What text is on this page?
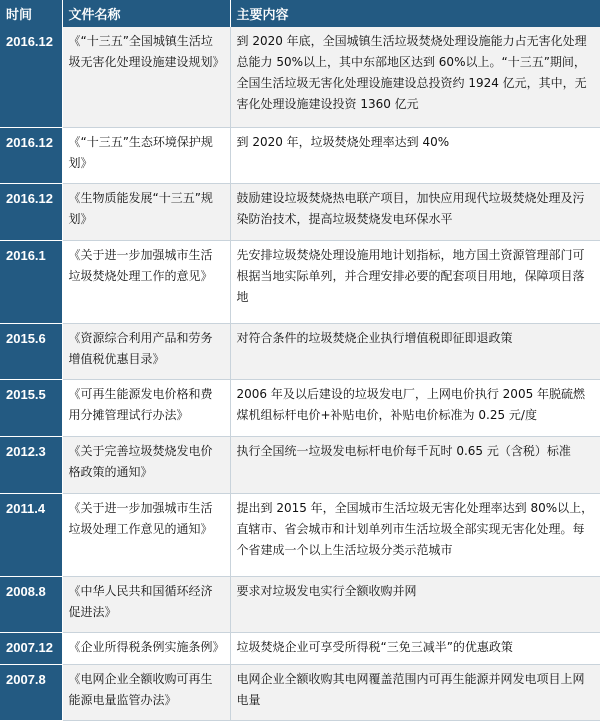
时间	文件名称	主要内容
2016.12	《“十三五”全国城镇生活垃圾无害化处理设施建设规划》	到 2020 年底，全国城镇生活垃圾焚烧处理设施能力占无害化处理总能力 50%以上，其中东部地区达到 60%以上。“十三五”期间，全国生活垃圾无害化处理设施建设总投资约 1924 亿元，其中，无害化处理设施建设投资 1360 亿元
2016.12	《“十三五”生态环境保护规划》	到 2020 年，垃圾焚烧处理率达到 40%
2016.12	《生物质能发展“十三五”规划》	鼓励建设垃圾焚烧热电联产项目，加快应用现代垃圾焚烧处理及污染防治技术，提高垃圾焚烧发电环保水平
2016.1	《关于进一步加强城市生活垃圾焚烧处理工作的意见》	先安排垃圾焚烧处理设施用地计划指标，地方国土资源管理部门可根据当地实际单列，并合理安排必要的配套项目用地，保障项目落地
2015.6	《资源综合利用产品和劳务增值税优惠目录》	对符合条件的垃圾焚烧企业执行增值税即征即退政策
2015.5	《可再生能源发电价格和费用分摊管理试行办法》	2006 年及以后建设的垃圾发电厂，上网电价执行 2005 年脱硫燃煤机组标杆电价+补贴电价，补贴电价标准为 0.25 元/度
2012.3	《关于完善垃圾焚烧发电价格政策的通知》	执行全国统一垃圾发电标杆电价每千瓦时 0.65 元（含税）标准
2011.4	《关于进一步加强城市生活垃圾处理工作意见的通知》	提出到 2015 年，全国城市生活垃圾无害化处理率达到 80%以上，直辖市、省会城市和计划单列市生活垃圾全部实现无害化处理。每个省建成一个以上生活垃圾分类示范城市
2008.8	《中华人民共和国循环经济促进法》	要求对垃圾发电实行全额收购并网
2007.12	《企业所得税条例实施条例》	垃圾焚烧企业可享受所得税“三免三减半”的优惠政策
2007.8	《电网企业全额收购可再生能源电量监管办法》	电网企业全额收购其电网覆盖范围内可再生能源并网发电项目上网电量
